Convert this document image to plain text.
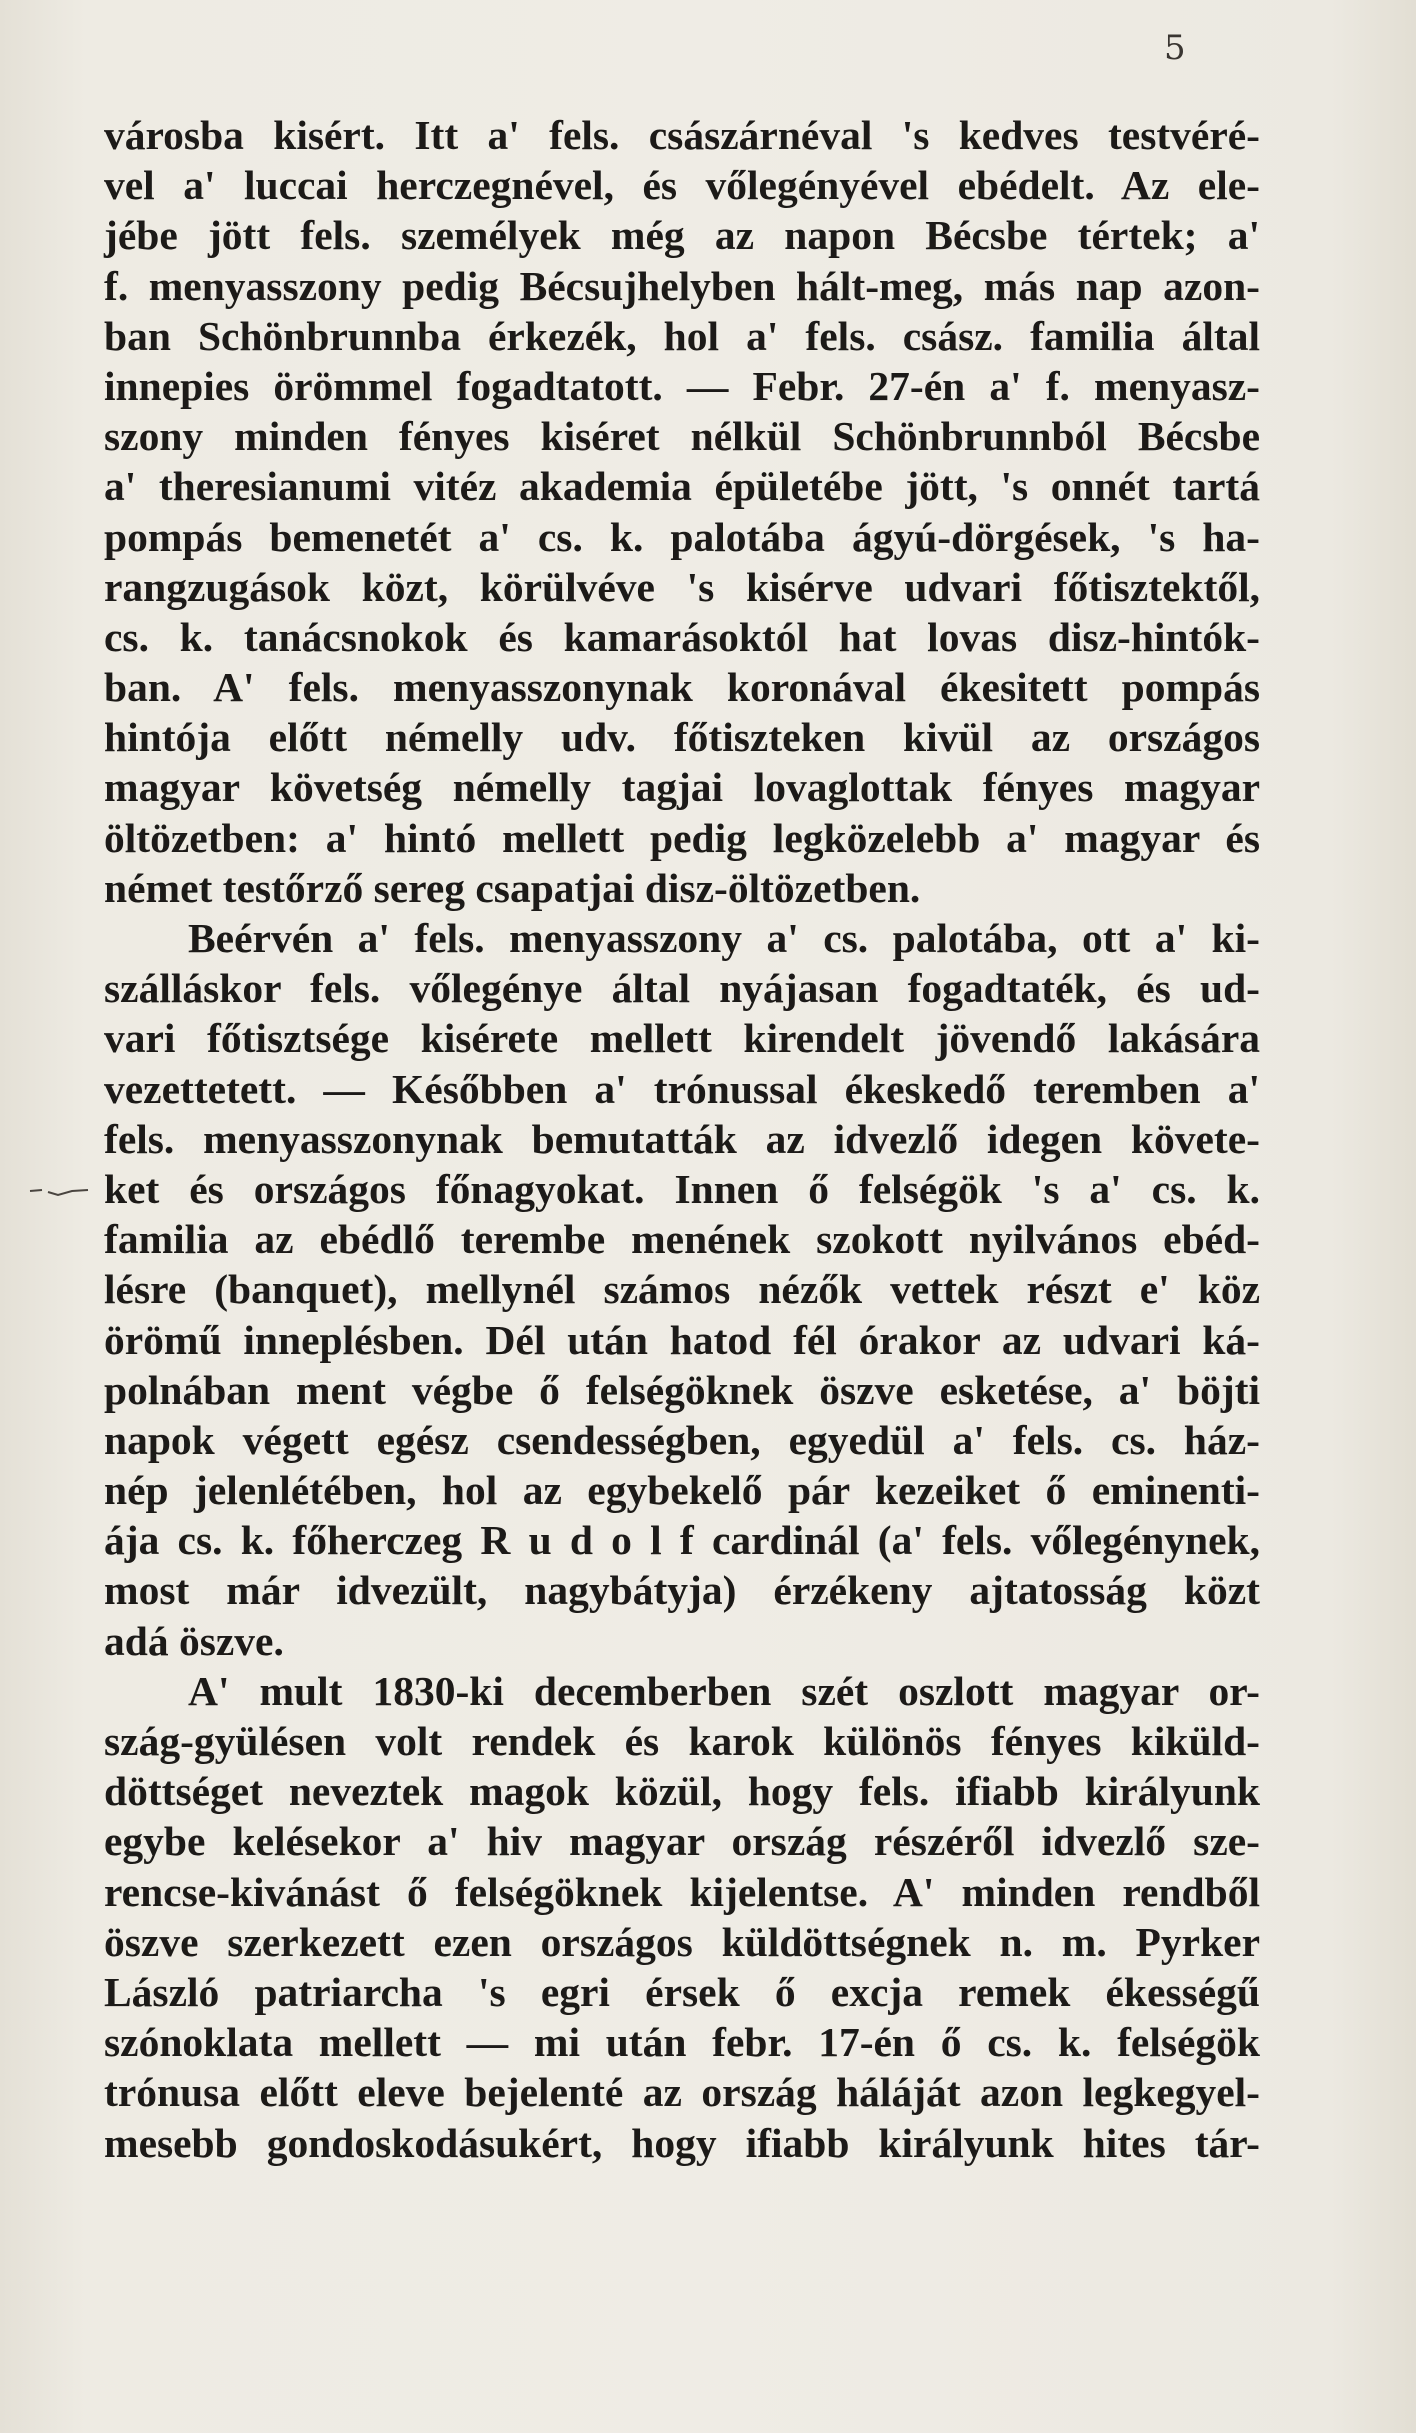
5
városba kisért. Itt a' fels. császárnéval 's kedves testvéré-
vel a' luccai herczegnével, és vőlegényével ebédelt. Az ele-
jébe jött fels. személyek még az napon Bécsbe tértek; a'
f. menyasszony pedig Bécsujhelyben hált-meg, más nap azon-
ban Schönbrunnba érkezék, hol a' fels. csász. familia által
innepies örömmel fogadtatott. — Febr. 27-én a' f. menyasz-
szony minden fényes kiséret nélkül Schönbrunnból Bécsbe
a' theresianumi vitéz akademia épületébe jött, 's onnét tartá
pompás bemenetét a' cs. k. palotába ágyú-dörgések, 's ha-
rangzugások közt, körülvéve 's kisérve udvari főtisztektől,
cs. k. tanácsnokok és kamarásoktól hat lovas disz-hintók-
ban. A' fels. menyasszonynak koronával ékesitett pompás
hintója előtt némelly udv. főtiszteken kivül az országos
magyar követség némelly tagjai lovaglottak fényes magyar
öltözetben: a' hintó mellett pedig legközelebb a' magyar és
német testőrző sereg csapatjai disz-öltözetben.
Beérvén a' fels. menyasszony a' cs. palotába, ott a' ki-
szálláskor fels. vőlegénye által nyájasan fogadtaték, és ud-
vari főtisztsége kisérete mellett kirendelt jövendő lakására
vezettetett. — Későbben a' trónussal ékeskedő teremben a'
fels. menyasszonynak bemutatták az idvezlő idegen követe-
ket és országos főnagyokat. Innen ő felségök 's a' cs. k.
familia az ebédlő terembe menének szokott nyilvános ebéd-
lésre (banquet), mellynél számos nézők vettek részt e' köz
örömű inneplésben. Dél után hatod fél órakor az udvari ká-
polnában ment végbe ő felségöknek öszve esketése, a' böjti
napok végett egész csendességben, egyedül a' fels. cs. ház-
nép jelenlétében, hol az egybekelő pár kezeiket ő eminenti-
ája cs. k. főherczeg R u d o l f cardinál (a' fels. vőlegénynek,
most már idvezült, nagybátyja) érzékeny ajtatosság közt
adá öszve.
A' mult 1830-ki decemberben szét oszlott magyar or-
szág-gyülésen volt rendek és karok különös fényes kiküld-
döttséget neveztek magok közül, hogy fels. ifiabb királyunk
egybe kelésekor a' hiv magyar ország részéről idvezlő sze-
rencse-kivánást ő felségöknek kijelentse. A' minden rendből
öszve szerkezett ezen országos küldöttségnek n. m. Pyrker
László patriarcha 's egri érsek ő excja remek ékességű
szónoklata mellett — mi után febr. 17-én ő cs. k. felségök
trónusa előtt eleve bejelenté az ország háláját azon legkegyel-
mesebb gondoskodásukért, hogy ifiabb királyunk hites tár-
